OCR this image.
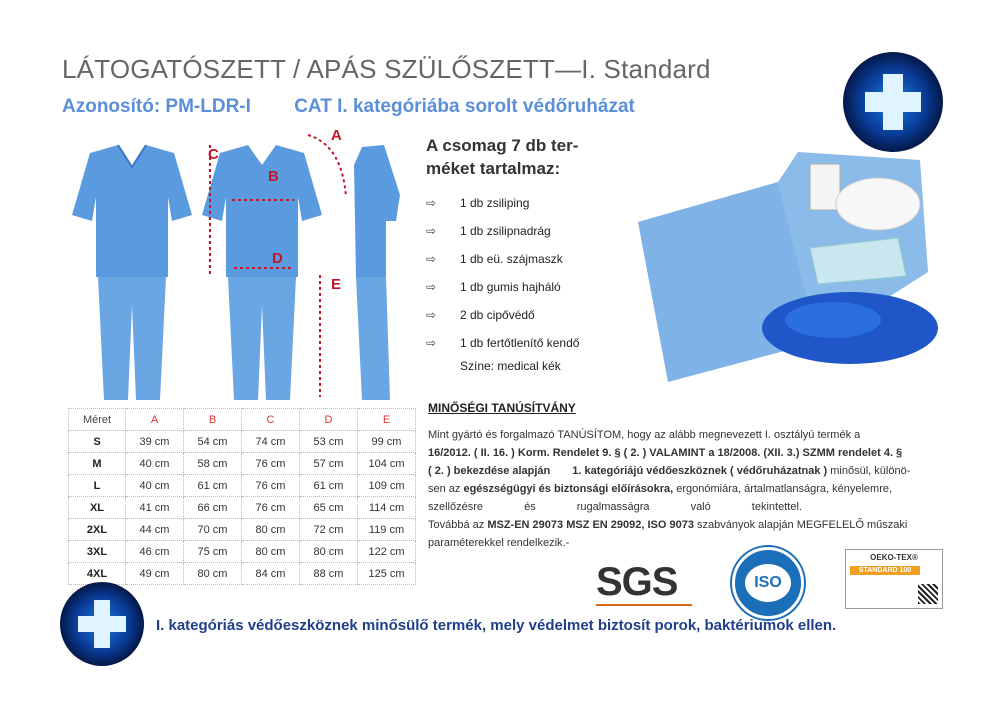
LÁTOGATÓSZETT / APÁS SZÜLŐSZETT—I. Standard
Azonosító: PM-LDR-I CAT I. kategóriába sorolt védőruházat
A
B
C
D
E
A csomag 7 db ter-
méket tartalmaz:
⇨ 1 db zsiliping
⇨ 1 db zsilipnadrág
⇨ 1 db eü. szájmaszk
⇨ 1 db gumis hajháló
⇨ 2 db cipővédő
⇨ 1 db fertőtlenítő kendő
Színe: medical kék
Méret	A	B	C	D	E
S	39 cm	54 cm	74 cm	53 cm	99 cm
M	40 cm	58 cm	76 cm	57 cm	104 cm
L	40 cm	61 cm	76 cm	61 cm	109 cm
XL	41 cm	66 cm	76 cm	65 cm	114 cm
2XL	44 cm	70 cm	80 cm	72 cm	119 cm
3XL	46 cm	75 cm	80 cm	80 cm	122 cm
4XL	49 cm	80 cm	84 cm	88 cm	125 cm
MINŐSÉGI TANÚSÍTVÁNY
Mint gyártó és forgalmazó TANÚSÍTOM, hogy az alább megnevezett I. osztályú termék a
16/2012. ( II. 16. ) Korm. Rendelet 9. § ( 2. ) VALAMINT a 18/2008. (XII. 3.) SZMM rendelet 4. §
( 2. ) bekezdése alapján 1. kategóriájú védőeszköznek ( védőruházatnak ) minősül, különö-
sen az egészségügyi és biztonsági előírásokra, ergonómiára, ártalmatlanságra, kényelemre,
szellőzésre és rugalmasságra való tekintettel.
Továbbá az MSZ-EN 29073 MSZ EN 29092, ISO 9073 szabványok alapján MEGFELELŐ műszaki
paraméterekkel rendelkezik.-
SGS	ISO
OEKO-TEX®
STANDARD 100
I. kategóriás védőeszköznek minősülő termék, mely védelmet biztosít porok, baktériumok ellen.
